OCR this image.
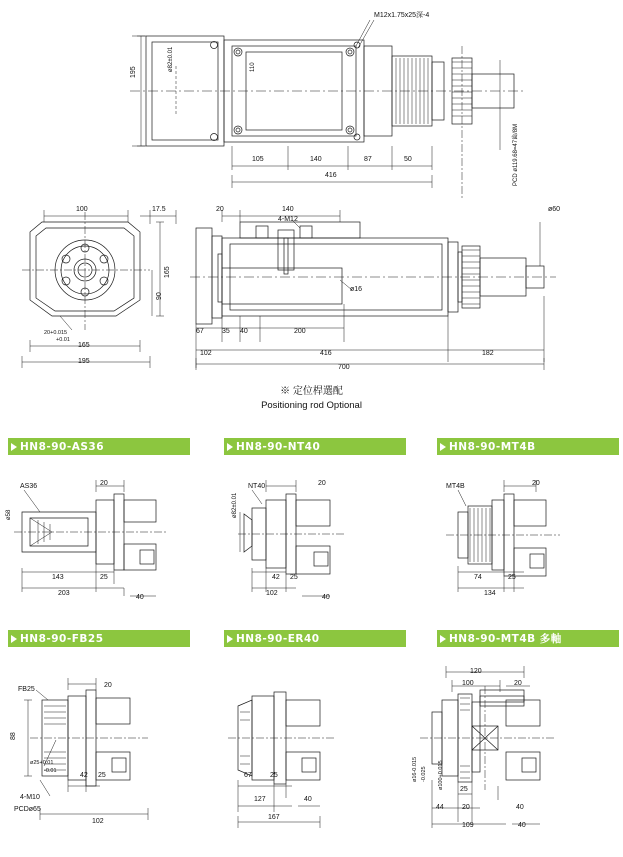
M12x1.75x25深-4
195
ø82±0.01	110
105	140	87	50
416	PCD ø119.68=47齒/8M
100	17.5	20	140
4-M12
ø60
165
90
ø16
20+0.015
+0.01
165
195
67	35 40	200
102	416	182
700
※ 定位桿選配
Positioning rod Optional
HN8-90-AS36	HN8-90-NT40	HN8-90-MT4B
HN8-90-FB25	HN8-90-ER40	HN8-90-MT4B 多軸
AS36	20
ø58
143	25
203
40
NT40	20
ø82±0.01
42 25
102
40
MT4B	20
74	25
134
FB25
20
88
ø25+0.01
-0.01
4-M10
PCDø65
42 25
102
67	25
127	40
167
120
100	20
ø16-0.015 -0.025 ø100+0.015 25
44	20	40
109	40
